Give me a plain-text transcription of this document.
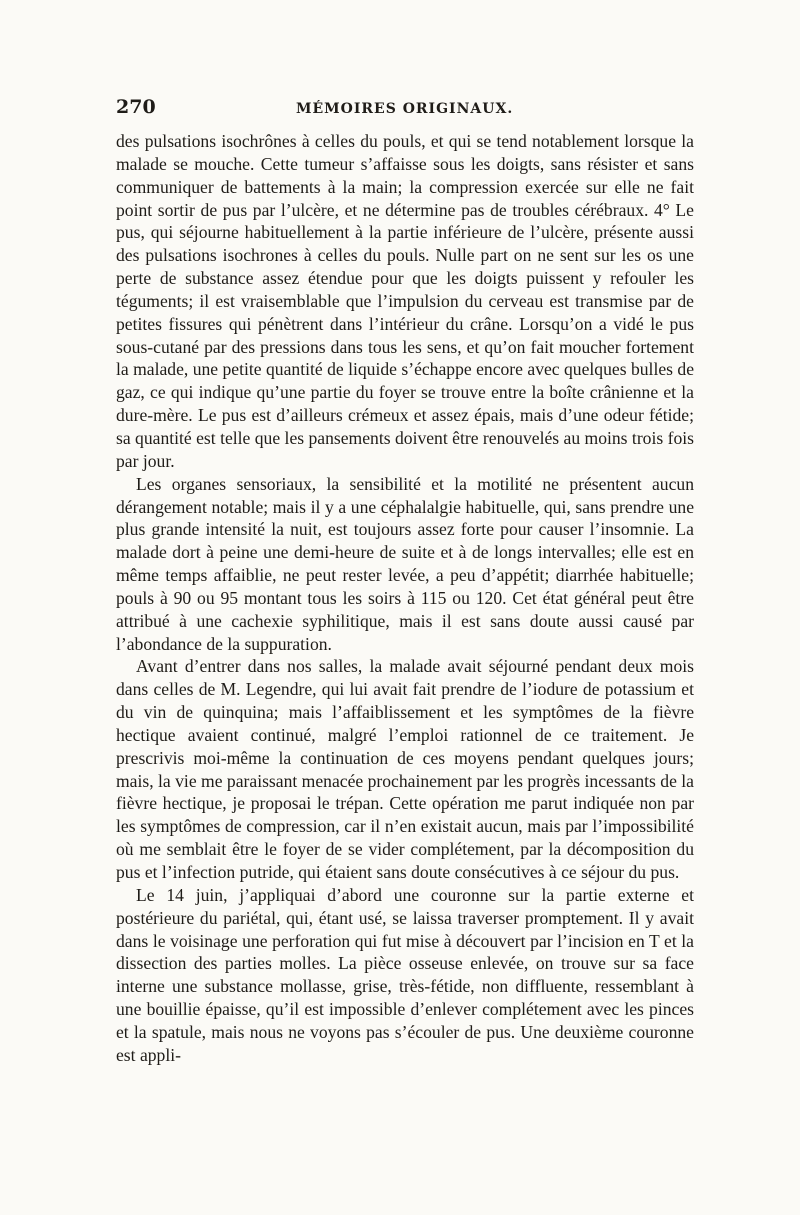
270	MÉMOIRES ORIGINAUX.

des pulsations isochrônes à celles du pouls, et qui se tend notablement lorsque la malade se mouche. Cette tumeur s’affaisse sous les doigts, sans résister et sans communiquer de battements à la main; la compression exercée sur elle ne fait point sortir de pus par l’ulcère, et ne détermine pas de troubles cérébraux. 4° Le pus, qui séjourne habituellement à la partie inférieure de l’ulcère, présente aussi des pulsations isochrones à celles du pouls. Nulle part on ne sent sur les os une perte de substance assez étendue pour que les doigts puissent y refouler les téguments; il est vraisemblable que l’impulsion du cerveau est transmise par de petites fissures qui pénètrent dans l’intérieur du crâne. Lorsqu’on a vidé le pus sous-cutané par des pressions dans tous les sens, et qu’on fait moucher fortement la malade, une petite quantité de liquide s’échappe encore avec quelques bulles de gaz, ce qui indique qu’une partie du foyer se trouve entre la boîte crânienne et la dure-mère. Le pus est d’ailleurs crémeux et assez épais, mais d’une odeur fétide; sa quantité est telle que les pansements doivent être renouvelés au moins trois fois par jour.

Les organes sensoriaux, la sensibilité et la motilité ne présentent aucun dérangement notable; mais il y a une céphalalgie habituelle, qui, sans prendre une plus grande intensité la nuit, est toujours assez forte pour causer l’insomnie. La malade dort à peine une demi-heure de suite et à de longs intervalles; elle est en même temps affaiblie, ne peut rester levée, a peu d’appétit; diarrhée habituelle; pouls à 90 ou 95 montant tous les soirs à 115 ou 120. Cet état général peut être attribué à une cachexie syphilitique, mais il est sans doute aussi causé par l’abondance de la suppuration.

Avant d’entrer dans nos salles, la malade avait séjourné pendant deux mois dans celles de M. Legendre, qui lui avait fait prendre de l’iodure de potassium et du vin de quinquina; mais l’affaiblissement et les symptômes de la fièvre hectique avaient continué, malgré l’emploi rationnel de ce traitement. Je prescrivis moi-même la continuation de ces moyens pendant quelques jours; mais, la vie me paraissant menacée prochainement par les progrès incessants de la fièvre hectique, je proposai le trépan. Cette opération me parut indiquée non par les symptômes de compression, car il n’en existait aucun, mais par l’impossibilité où me semblait être le foyer de se vider complétement, par la décomposition du pus et l’infection putride, qui étaient sans doute consécutives à ce séjour du pus.

Le 14 juin, j’appliquai d’abord une couronne sur la partie externe et postérieure du pariétal, qui, étant usé, se laissa traverser promptement. Il y avait dans le voisinage une perforation qui fut mise à découvert par l’incision en T et la dissection des parties molles. La pièce osseuse enlevée, on trouve sur sa face interne une substance mollasse, grise, très-fétide, non diffluente, ressemblant à une bouillie épaisse, qu’il est impossible d’enlever complétement avec les pinces et la spatule, mais nous ne voyons pas s’écouler de pus. Une deuxième couronne est appli-
